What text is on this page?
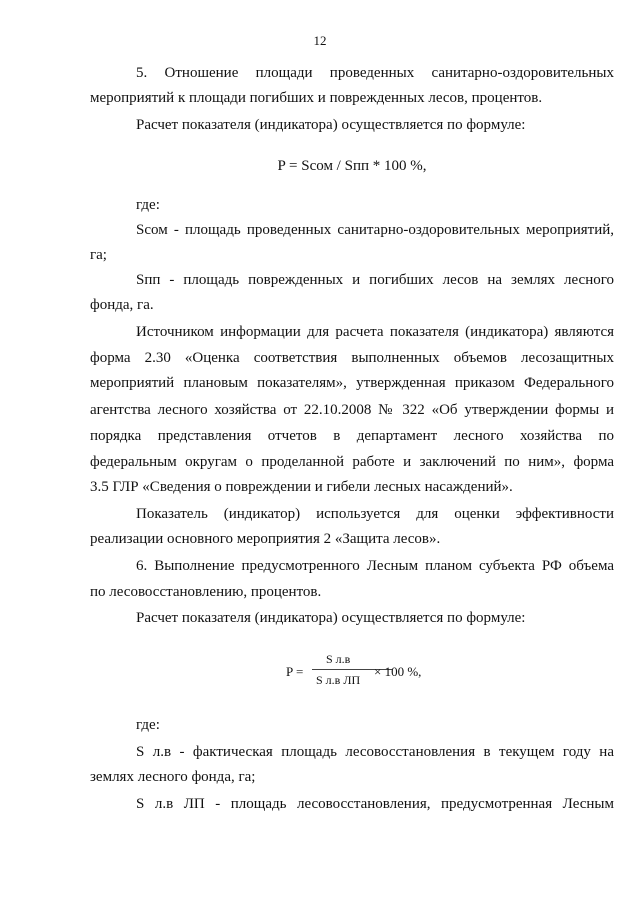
12
5. Отношение площади проведенных санитарно-оздоровительных
мероприятий к площади погибших и поврежденных лесов, процентов.
Расчет показателя (индикатора) осуществляется по формуле:
P = Sсом / Sпп * 100 %,
где:
Sсом - площадь проведенных санитарно-оздоровительных мероприятий,
га;
Sпп - площадь поврежденных и погибших лесов на землях лесного
фонда, га.
Источником информации для расчета показателя (индикатора) являются
форма 2.30 «Оценка соответствия выполненных объемов лесозащитных
мероприятий плановым показателям», утвержденная приказом Федерального
агентства лесного хозяйства от 22.10.2008 № 322 «Об утверждении формы и
порядка представления отчетов в департамент лесного хозяйства по
федеральным округам о проделанной работе и заключений по ним», форма
3.5 ГЛР «Сведения о повреждении и гибели лесных насаждений».
Показатель (индикатор) используется для оценки эффективности
реализации основного мероприятия 2 «Защита лесов».
6. Выполнение предусмотренного Лесным планом субъекта РФ объема
по лесовосстановлению, процентов.
Расчет показателя (индикатора) осуществляется по формуле:
где:
S л.в - фактическая площадь лесовосстановления в текущем году на
землях лесного фонда, га;
S л.в ЛП - площадь лесовосстановления, предусмотренная Лесным
P =
S л.в
S л.в ЛП
× 100 %,
